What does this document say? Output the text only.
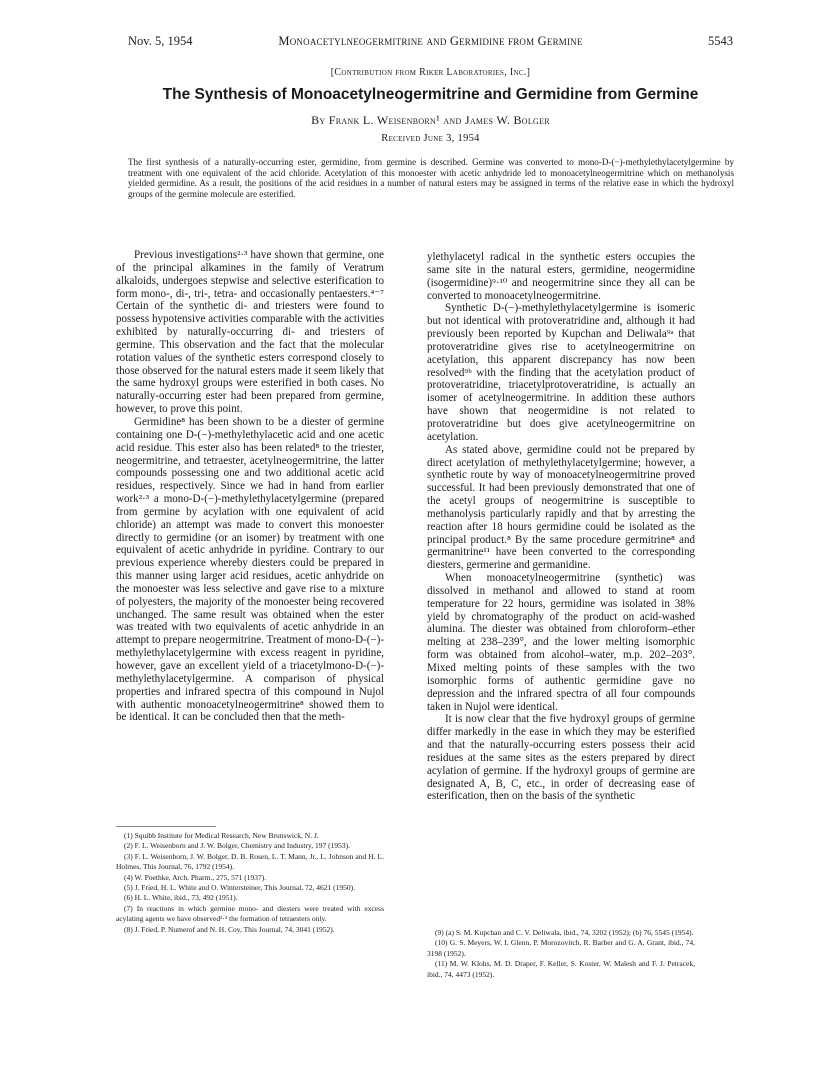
Nov. 5, 1954	Monoacetylneogermitrine and Germidine from Germine	5543
[Contribution from Riker Laboratories, Inc.]
The Synthesis of Monoacetylneogermitrine and Germidine from Germine
By Frank L. Weisenborn¹ and James W. Bolger
Received June 3, 1954

The first synthesis of a naturally-occurring ester, germidine, from germine is described. Germine was converted to mono-D-(−)-methylethylacetylgermine by treatment with one equivalent of the acid chloride. Acetylation of this monoester with acetic anhydride led to monoacetylneogermitrine which on methanolysis yielded germidine. As a result, the positions of the acid residues in a number of natural esters may be assigned in terms of the relative ease in which the hydroxyl groups of the germine molecule are esterified.

Previous investigations²·³ have shown that germine, one of the principal alkamines in the family of Veratrum alkaloids, undergoes stepwise and selective esterification to form mono-, di-, tri-, tetra- and occasionally pentaesters.⁴⁻⁷ Certain of the synthetic di- and triesters were found to possess hypotensive activities comparable with the activities exhibited by naturally-occurring di- and triesters of germine. This observation and the fact that the molecular rotation values of the synthetic esters correspond closely to those observed for the natural esters made it seem likely that the same hydroxyl groups were esterified in both cases. No naturally-occurring ester had been prepared from germine, however, to prove this point.

Germidine⁸ has been shown to be a diester of germine containing one D-(−)-methylethylacetic acid and one acetic acid residue. This ester also has been related⁸ to the triester, neogermitrine, and tetraester, acetylneogermitrine, the latter compounds possessing one and two additional acetic acid residues, respectively. Since we had in hand from earlier work²·³ a mono-D-(−)-methylethylacetylgermine (prepared from germine by acylation with one equivalent of acid chloride) an attempt was made to convert this monoester directly to germidine (or an isomer) by treatment with one equivalent of acetic anhydride in pyridine. Contrary to our previous experience whereby diesters could be prepared in this manner using larger acid residues, acetic anhydride on the monoester was less selective and gave rise to a mixture of polyesters, the majority of the monoester being recovered unchanged. The same result was obtained when the ester was treated with two equivalents of acetic anhydride in an attempt to prepare neogermitrine. Treatment of mono-D-(−)-methylethylacetylgermine with excess reagent in pyridine, however, gave an excellent yield of a triacetylmono-D-(−)-methylethylacetylgermine. A comparison of physical properties and infrared spectra of this compound in Nujol with authentic monoacetylneogermitrine⁸ showed them to be identical. It can be concluded then that the meth-

ylethylacetyl radical in the synthetic esters occupies the same site in the natural esters, germidine, neogermidine (isogermidine)⁹·¹⁰ and neogermitrine since they all can be converted to monoacetylneogermitrine.

Synthetic D-(−)-methylethylacetylgermine is isomeric but not identical with protoveratridine and, although it had previously been reported by Kupchan and Deliwala⁹ᵃ that protoveratridine gives rise to acetylneogermitrine on acetylation, this apparent discrepancy has now been resolved⁹ᵇ with the finding that the acetylation product of protoveratridine, triacetylprotoveratridine, is actually an isomer of acetylneogermitrine. In addition these authors have shown that neogermidine is not related to protoveratridine but does give acetylneogermitrine on acetylation.

As stated above, germidine could not be prepared by direct acetylation of methylethylacetylgermine; however, a synthetic route by way of monoacetylneogermitrine proved successful. It had been previously demonstrated that one of the acetyl groups of neogermitrine is susceptible to methanolysis particularly rapidly and that by arresting the reaction after 18 hours germidine could be isolated as the principal product.⁸ By the same procedure germitrine⁸ and germanitrine¹¹ have been converted to the corresponding diesters, germerine and germanidine.

When monoacetylneogermitrine (synthetic) was dissolved in methanol and allowed to stand at room temperature for 22 hours, germidine was isolated in 38% yield by chromatography of the product on acid-washed alumina. The diester was obtained from chloroform–ether melting at 238–239°, and the lower melting isomorphic form was obtained from alcohol–water, m.p. 202–203°. Mixed melting points of these samples with the two isomorphic forms of authentic germidine gave no depression and the infrared spectra of all four compounds taken in Nujol were identical.

It is now clear that the five hydroxyl groups of germine differ markedly in the ease in which they may be esterified and that the naturally-occurring esters possess their acid residues at the same sites as the esters prepared by direct acylation of germine. If the hydroxyl groups of germine are designated A, B, C, etc., in order of decreasing ease of esterification, then on the basis of the synthetic

(1) Squibb Institute for Medical Research, New Brunswick, N. J.

(2) F. L. Weisenborn and J. W. Bolger, Chemistry and Industry, 197 (1953).

(3) F. L. Weisenborn, J. W. Bolger, D. B. Rosen, L. T. Mann, Jr., L. Johnson and H. L. Holmes, This Journal, 76, 1792 (1954).

(4) W. Poethke, Arch. Pharm., 275, 571 (1937).

(5) J. Fried, H. L. White and O. Wintersteiner, This Journal, 72, 4621 (1950).

(6) H. L. White, ibid., 73, 492 (1951).

(7) In reactions in which germine mono- and diesters were treated with excess acylating agents we have observed²·³ the formation of tetraesters only.

(8) J. Fried, P. Numerof and N. H. Coy, This Journal, 74, 3041 (1952).	(9) (a) S. M. Kupchan and C. V. Deliwala, ibid., 74, 3202 (1952); (b) 76, 5545 (1954).

(10) G. S. Meyers, W. I. Glenn, P. Morozovitch, R. Barber and G. A. Grant, ibid., 74, 3198 (1952).

(11) M. W. Klohs, M. D. Draper, F. Keller, S. Koster, W. Malesh and F. J. Petracek, ibid., 74, 4473 (1952).
